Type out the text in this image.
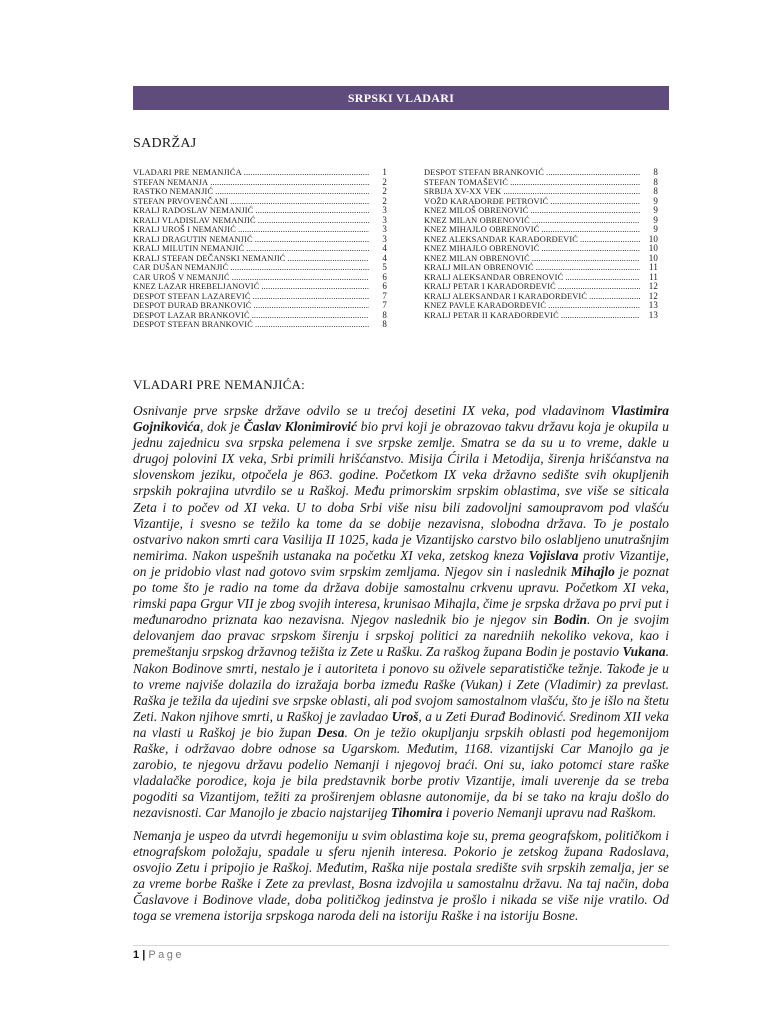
SRPSKI VLADARI
SADRŽAJ
VLADARI PRE NEMANJIĆA .....	1
STEFAN NEMANJA .....	2
RASTKO NEMANJIĆ .....	2
STEFAN PRVOVENČANI .....	2
KRALJ RADOSLAV NEMANJIĆ .....	3
KRALJ VLADISLAV NEMANJIĆ .....	3
KRALJ UROŠ I NEMANJIĆ .....	3
KRALJ DRAGUTIN NEMANJIĆ .....	3
KRALJ MILUTIN NEMANJIĆ .....	4
KRALJ STEFAN DEČANSKI NEMANJIĆ .....	4
CAR DUŠAN NEMANJIĆ .....	5
CAR UROŠ V NEMANJIĆ .....	6
KNEZ LAZAR HREBELJANOVIĆ .....	6
DESPOT STEFAN LAZAREVIĆ .....	7
DESPOT ĐURAĐ BRANKOVIĆ .....	7
DESPOT LAZAR BRANKOVIĆ .....	8
DESPOT STEFAN BRANKOVIĆ .....	8
DESPOT STEFAN BRANKOVIĆ .....	8
STEFAN TOMAŠEVIĆ .....	8
SRBIJA XV-XX VEK .....	8
VOŽD KARAĐORĐE PETROVIĆ .....	9
KNEZ MILOŠ OBRENOVIĆ .....	9
KNEZ MILAN OBRENOVIĆ .....	9
KNEZ MIHAJLO OBRENOVIĆ .....	9
KNEZ ALEKSANDAR KARAĐORĐEVIĆ .....	10
KNEZ MIHAJLO OBRENOVIĆ .....	10
KNEZ MILAN OBRENOVIĆ .....	10
KRALJ MILAN OBRENOVIĆ .....	11
KRALJ ALEKSANDAR OBRENOVIĆ .....	11
KRALJ PETAR I KARAĐORĐEVIĆ .....	12
KRALJ ALEKSANDAR I KARAĐORĐEVIĆ .....	12
KNEZ PAVLE KARAĐORĐEVIĆ .....	13
KRALJ PETAR II KARAĐORĐEVIĆ .....	13
VLADARI PRE NEMANJIĆA:

Osnivanje prve srpske države odvilo se u trećoj desetini IX veka, pod vladavinom Vlastimira Gojnikovića, dok je Časlav Klonimirović bio prvi koji je obrazovao takvu državu koja je okupila u jednu zajednicu sva srpska pelemena i sve srpske zemlje. Smatra se da su u to vreme, dakle u drugoj polovini IX veka, Srbi primili hrišćanstvo. Misija Ćirila i Metodija, širenja hrišćanstva na slovenskom jeziku, otpočela je 863. godine. Početkom IX veka državno sedište svih okupljenih srpskih pokrajina utvrdilo se u Raškoj. Među primorskim srpskim oblastima, sve više se siticala Zeta i to počev od XI veka. U to doba Srbi više nisu bili zadovoljni samoupravom pod vlašću Vizantije, i svesno se težilo ka tome da se dobije nezavisna, slobodna država. To je postalo ostvarivo nakon smrti cara Vasilija II 1025, kada je Vizantijsko carstvo bilo oslabljeno unutrašnjim nemirima. Nakon uspešnih ustanaka na početku XI veka, zetskog kneza Vojislava protiv Vizantije, on je pridobio vlast nad gotovo svim srpskim zemljama. Njegov sin i naslednik Mihajlo je poznat po tome što je radio na tome da država dobije samostalnu crkvenu upravu. Početkom XI veka, rimski papa Grgur VII je zbog svojih interesa, krunisao Mihajla, čime je srpska država po prvi put i međunarodno priznata kao nezavisna. Njegov naslednik bio je njegov sin Bodin. On je svojim delovanjem dao pravac srpskom širenju i srpskoj politici za naredniih nekoliko vekova, kao i premeštanju srpskog državnog težišta iz Zete u Rašku. Za raškog župana Bodin je postavio Vukana. Nakon Bodinove smrti, nestalo je i autoriteta i ponovo su oživele separatističke težnje. Takođe je u to vreme najviše dolazila do izražaja borba između Raške (Vukan) i Zete (Vladimir) za prevlast. Raška je težila da ujedini sve srpske oblasti, ali pod svojom samostalnom vlašću, što je išlo na štetu Zeti. Nakon njihove smrti, u Raškoj je zavladao Uroš, a u Zeti Đurađ Bodinović. Sredinom XII veka na vlasti u Raškoj je bio župan Desa. On je težio okupljanju srpskih oblasti pod hegemonijom Raške, i održavao dobre odnose sa Ugarskom. Međutim, 1168. vizantijski Car Manojlo ga je zarobio, te njegovu državu podelio Nemanji i njegovoj braći. Oni su, iako potomci stare raške vladalačke porodice, koja je bila predstavnik borbe protiv Vizantije, imali uverenje da se treba pogoditi sa Vizantijom, težiti za proširenjem oblasne autonomije, da bi se tako na kraju došlo do nezavisnosti. Car Manojlo je zbacio najstarijeg Tihomira i poverio Nemanji upravu nad Raškom.

Nemanja je uspeo da utvrdi hegemoniju u svim oblastima koje su, prema geografskom, političkom i etnografskom položaju, spadale u sferu njenih interesa. Pokorio je zetskog župana Radoslava, osvojio Zetu i pripojio je Raškoj. Međutim, Raška nije postala središte svih srpskih zemalja, jer se za vreme borbe Raške i Zete za prevlast, Bosna izdvojila u samostalnu državu. Na taj način, doba Časlavove i Bodinove vlade, doba političkog jedinstva je prošlo i nikada se više nije vratilo. Od toga se vremena istorija srpskoga naroda deli na istoriju Raške i na istoriju Bosne.

1 | Page
